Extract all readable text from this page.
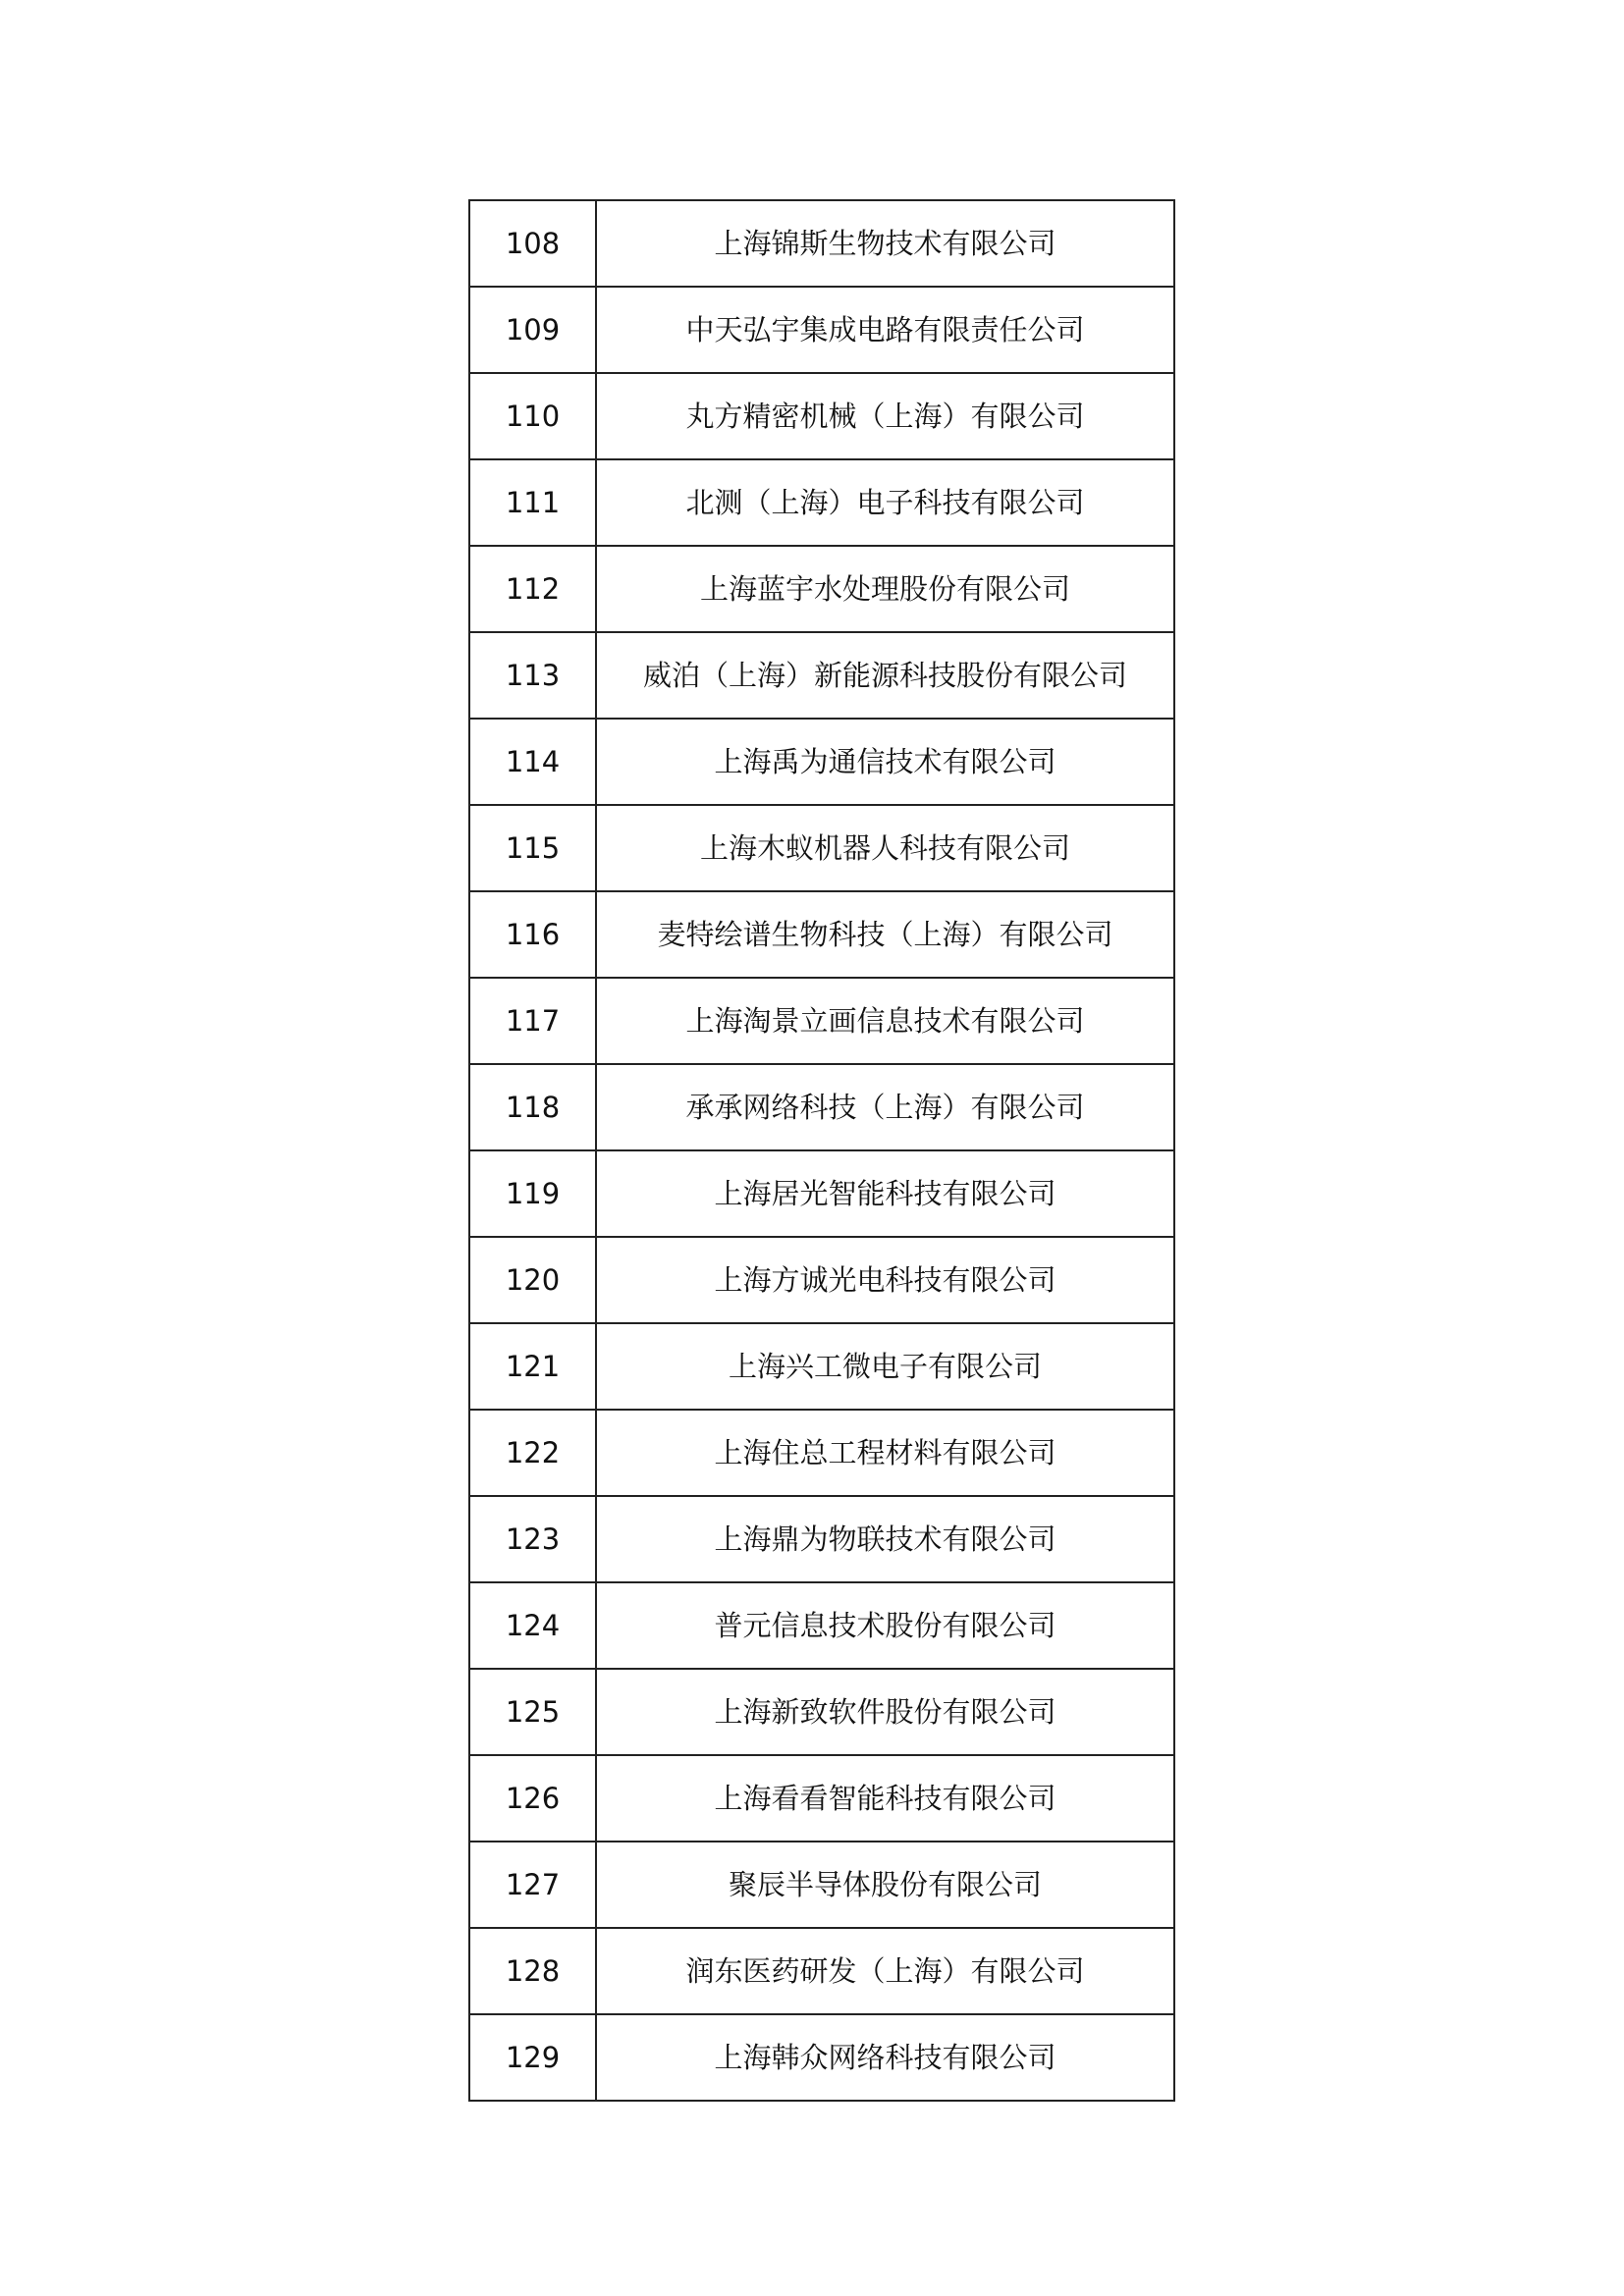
108	上海锦斯生物技术有限公司
109	中天弘宇集成电路有限责任公司
110	丸方精密机械（上海）有限公司
111	北测（上海）电子科技有限公司
112	上海蓝宇水处理股份有限公司
113	威泊（上海）新能源科技股份有限公司
114	上海禹为通信技术有限公司
115	上海木蚁机器人科技有限公司
116	麦特绘谱生物科技（上海）有限公司
117	上海淘景立画信息技术有限公司
118	承承网络科技（上海）有限公司
119	上海居光智能科技有限公司
120	上海方诚光电科技有限公司
121	上海兴工微电子有限公司
122	上海住总工程材料有限公司
123	上海鼎为物联技术有限公司
124	普元信息技术股份有限公司
125	上海新致软件股份有限公司
126	上海看看智能科技有限公司
127	聚辰半导体股份有限公司
128	润东医药研发（上海）有限公司
129	上海韩众网络科技有限公司
